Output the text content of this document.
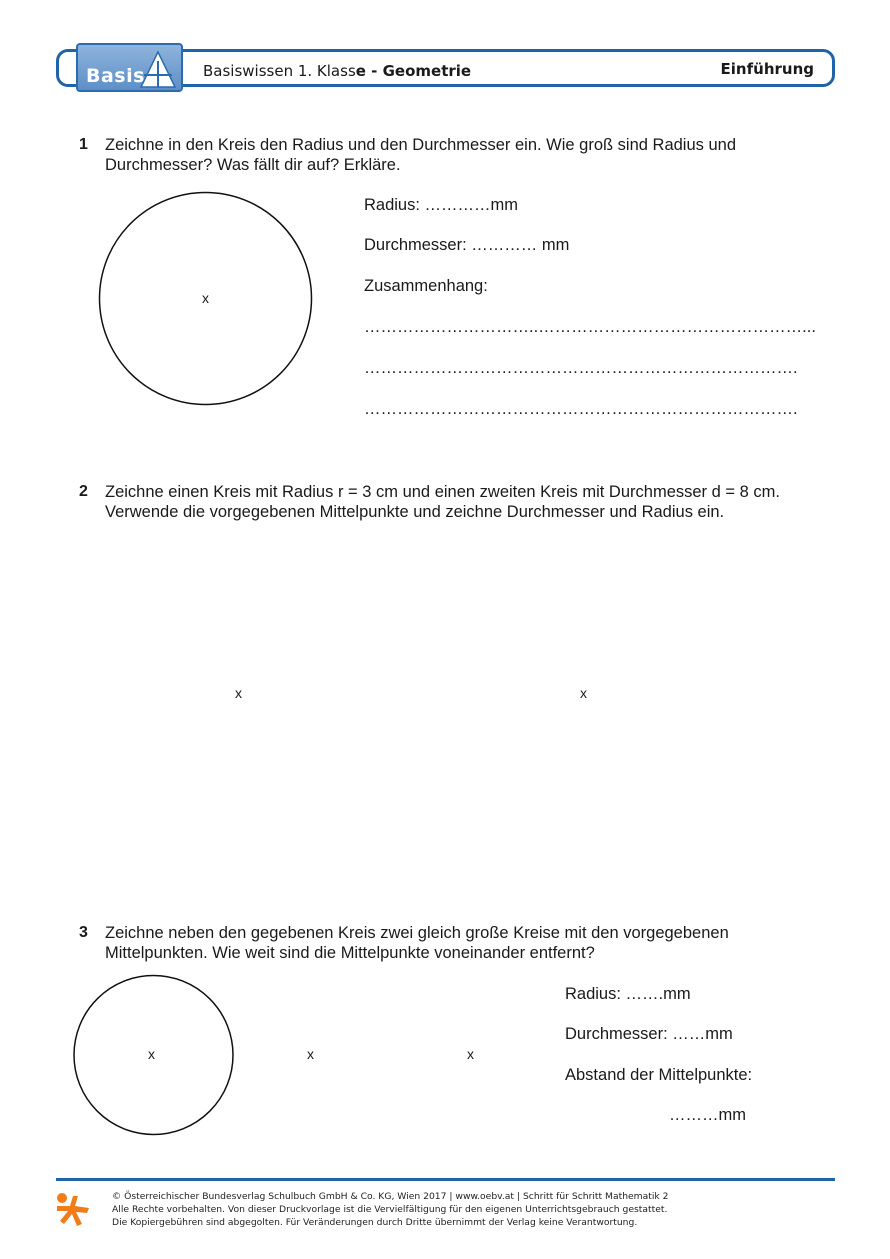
Basis	Basiswissen 1. Klasse - Geometrie	Einführung
1 Zeichne in den Kreis den Radius und den Durchmesser ein. Wie groß sind Radius und
Durchmesser? Was fällt dir auf? Erkläre.
x
Radius: …………mm
Durchmesser: ………… mm
Zusammenhang:
…………………………..…………………………………………...
…………………………………………………………………….
…………………………………………………………………….
2 Zeichne einen Kreis mit Radius r = 3 cm und einen zweiten Kreis mit Durchmesser d = 8 cm.
Verwende die vorgegebenen Mittelpunkte und zeichne Durchmesser und Radius ein.
x	x
3 Zeichne neben den gegebenen Kreis zwei gleich große Kreise mit den vorgegebenen
Mittelpunkten. Wie weit sind die Mittelpunkte voneinander entfernt?
x	x	x
Radius: …….mm
Durchmesser: ……mm
Abstand der Mittelpunkte:
………mm
© Österreichischer Bundesverlag Schulbuch GmbH & Co. KG, Wien 2017 | www.oebv.at | Schritt für Schritt Mathematik 2
Alle Rechte vorbehalten. Von dieser Druckvorlage ist die Vervielfältigung für den eigenen Unterrichtsgebrauch gestattet.
Die Kopiergebühren sind abgegolten. Für Veränderungen durch Dritte übernimmt der Verlag keine Verantwortung.
